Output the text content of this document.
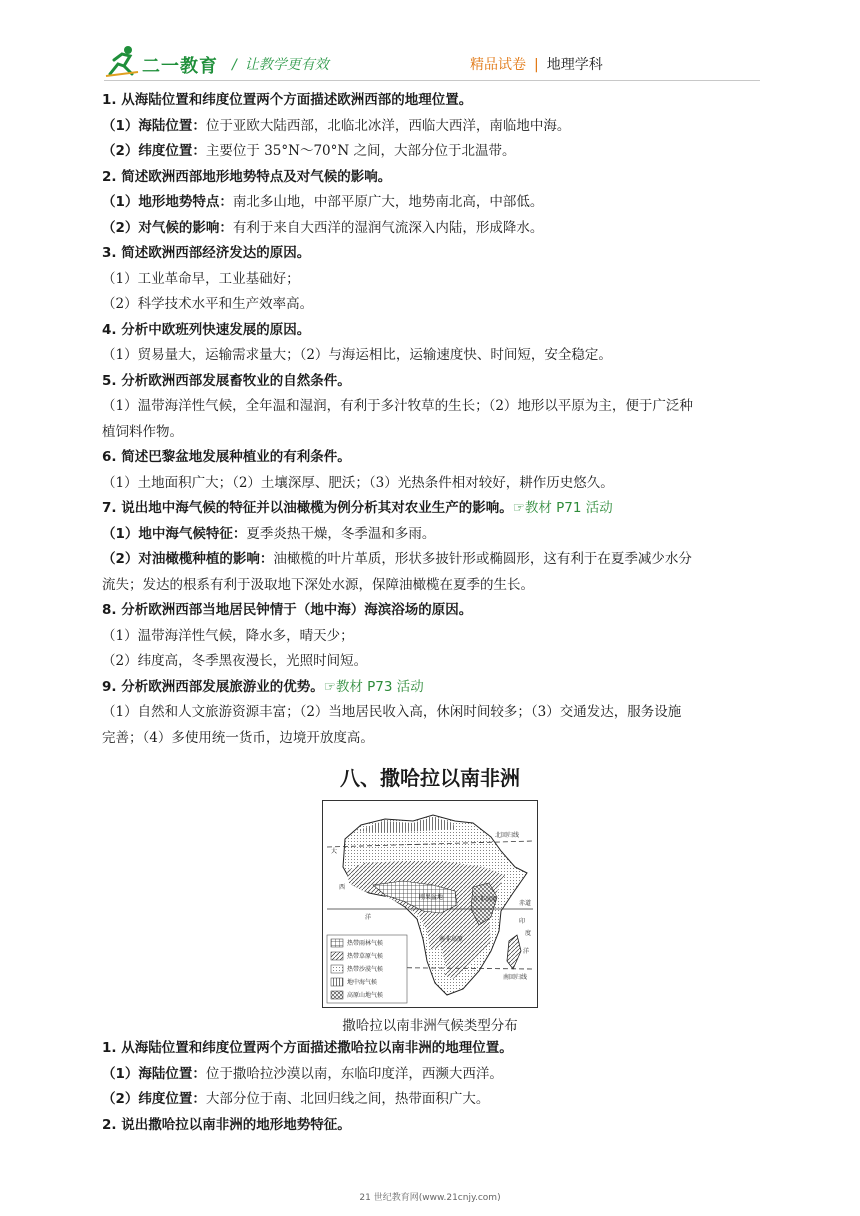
二一教育 / 让教学更有效	精品试卷 | 地理学科
1. 从海陆位置和纬度位置两个方面描述欧洲西部的地理位置。
（1）海陆位置：位于亚欧大陆西部，北临北冰洋，西临大西洋，南临地中海。
（2）纬度位置：主要位于 35°N～70°N 之间，大部分位于北温带。
2. 简述欧洲西部地形地势特点及对气候的影响。
（1）地形地势特点：南北多山地，中部平原广大，地势南北高，中部低。
（2）对气候的影响：有利于来自大西洋的湿润气流深入内陆，形成降水。
3. 简述欧洲西部经济发达的原因。
（1）工业革命早，工业基础好；
（2）科学技术水平和生产效率高。
4. 分析中欧班列快速发展的原因。
（1）贸易量大，运输需求量大；（2）与海运相比，运输速度快、时间短，安全稳定。
5. 分析欧洲西部发展畜牧业的自然条件。
（1）温带海洋性气候，全年温和湿润，有利于多汁牧草的生长；（2）地形以平原为主，便于广泛种
植饲料作物。
6. 简述巴黎盆地发展种植业的有利条件。
（1）土地面积广大；（2）土壤深厚、肥沃；（3）光热条件相对较好，耕作历史悠久。
7. 说出地中海气候的特征并以油橄榄为例分析其对农业生产的影响。☞教材 P71 活动
（1）地中海气候特征：夏季炎热干燥，冬季温和多雨。
（2）对油橄榄种植的影响：油橄榄的叶片革质，形状多披针形或椭圆形，这有利于在夏季减少水分
流失；发达的根系有利于汲取地下深处水源，保障油橄榄在夏季的生长。
8. 分析欧洲西部当地居民钟情于（地中海）海滨浴场的原因。
（1）温带海洋性气候，降水多，晴天少；
（2）纬度高，冬季黑夜漫长，光照时间短。
9. 分析欧洲西部发展旅游业的优势。☞教材 P73 活动
（1）自然和人文旅游资源丰富；（2）当地居民收入高，休闲时间较多；（3）交通发达，服务设施
完善；（4）多使用统一货币，边境开放度高。
八、撒哈拉以南非洲
北回归线
南回归线
赤道
大
西
洋
印
度
洋
刚果盆地	东非高原
南非高原
热带雨林气候
热带草原气候
热带沙漠气候
地中海气候
高原山地气候
撒哈拉以南非洲气候类型分布
1. 从海陆位置和纬度位置两个方面描述撒哈拉以南非洲的地理位置。
（1）海陆位置：位于撒哈拉沙漠以南，东临印度洋，西濒大西洋。
（2）纬度位置：大部分位于南、北回归线之间，热带面积广大。
2. 说出撒哈拉以南非洲的地形地势特征。
21 世纪教育网(www.21cnjy.com)
